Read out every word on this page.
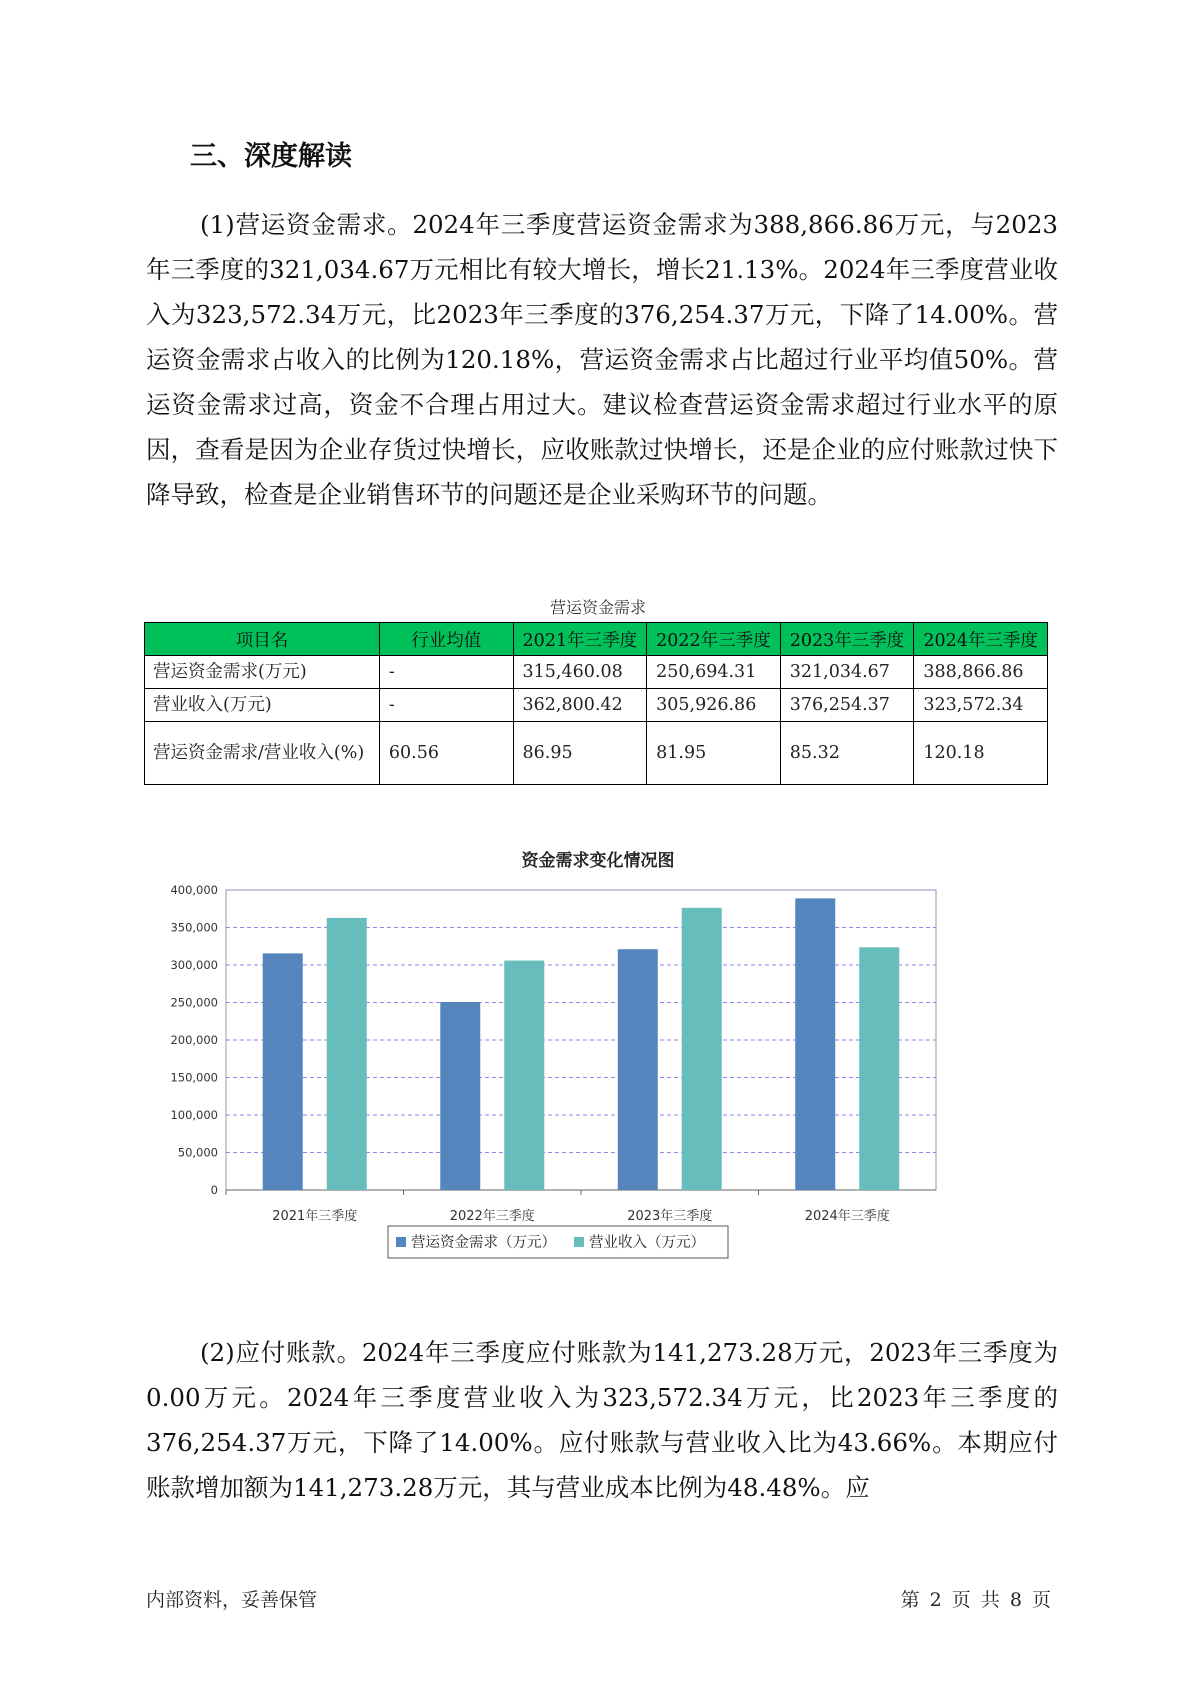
三、深度解读

(1)营运资金需求。2024年三季度营运资金需求为388,866.86万元，与2023年三季度的321,034.67万元相比有较大增长，增长21.13%。2024年三季度营业收入为323,572.34万元，比2023年三季度的376,254.37万元，下降了14.00%。营运资金需求占收入的比例为120.18%，营运资金需求占比超过行业平均值50%。营运资金需求过高，资金不合理占用过大。建议检查营运资金需求超过行业水平的原因，查看是因为企业存货过快增长，应收账款过快增长，还是企业的应付账款过快下降导致，检查是企业销售环节的问题还是企业采购环节的问题。

营运资金需求
项目名	行业均值	2021年三季度	2022年三季度	2023年三季度	2024年三季度
营运资金需求(万元)	-	315,460.08	250,694.31	321,034.67	388,866.86
营业收入(万元)	-	362,800.42	305,926.86	376,254.37	323,572.34
营运资金需求/营业收入(%)	60.56	86.95	81.95	85.32	120.18
资金需求变化情况图
0
50,000
100,000
150,000
200,000
250,000
300,000
350,000
400,000
2021年三季度	2022年三季度	2023年三季度	2024年三季度
营运资金需求（万元） 营业收入（万元）

(2)应付账款。2024年三季度应付账款为141,273.28万元，2023年三季度为0.00万元。2024年三季度营业收入为323,572.34万元，比2023年三季度的376,254.37万元，下降了14.00%。应付账款与营业收入比为43.66%。本期应付账款增加额为141,273.28万元，其与营业成本比例为48.48%。应

内部资料，妥善保管	第 2 页 共 8 页
